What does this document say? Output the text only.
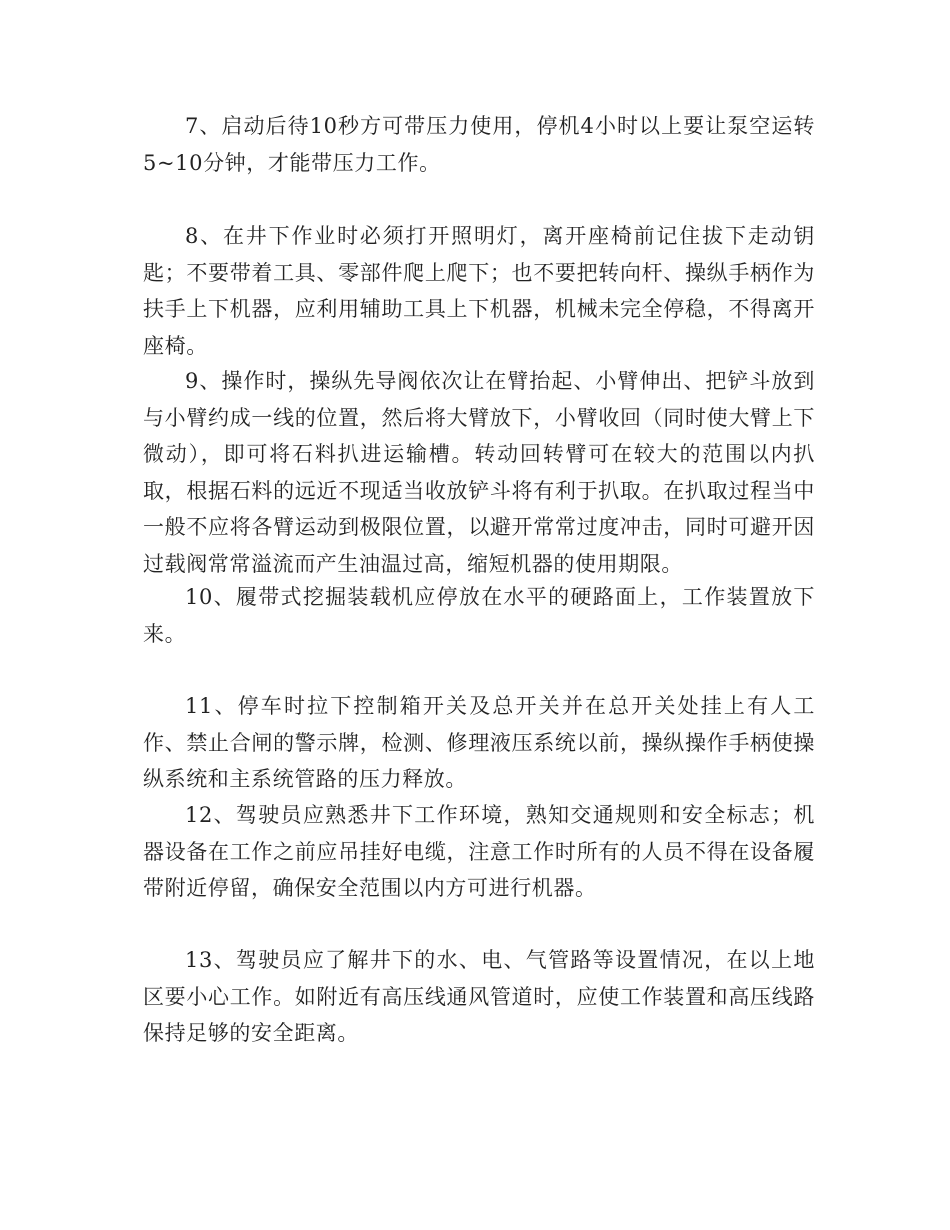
7、启动后待10秒方可带压力使用，停机4小时以上要让泵空运转5~10分钟，才能带压力工作。

8、在井下作业时必须打开照明灯，离开座椅前记住拔下走动钥匙；不要带着工具、零部件爬上爬下；也不要把转向杆、操纵手柄作为扶手上下机器，应利用辅助工具上下机器，机械未完全停稳，不得离开座椅。

9、操作时，操纵先导阀依次让在臂抬起、小臂伸出、把铲斗放到与小臂约成一线的位置，然后将大臂放下，小臂收回（同时使大臂上下微动），即可将石料扒进运输槽。转动回转臂可在较大的范围以内扒取，根据石料的远近不现适当收放铲斗将有利于扒取。在扒取过程当中一般不应将各臂运动到极限位置，以避开常常过度冲击，同时可避开因过载阀常常溢流而产生油温过高，缩短机器的使用期限。

10、履带式挖掘装载机应停放在水平的硬路面上，工作装置放下来。

11、停车时拉下控制箱开关及总开关并在总开关处挂上有人工作、禁止合闸的警示牌，检测、修理液压系统以前，操纵操作手柄使操纵系统和主系统管路的压力释放。

12、驾驶员应熟悉井下工作环境，熟知交通规则和安全标志；机器设备在工作之前应吊挂好电缆，注意工作时所有的人员不得在设备履带附近停留，确保安全范围以内方可进行机器。

13、驾驶员应了解井下的水、电、气管路等设置情况，在以上地区要小心工作。如附近有高压线通风管道时，应使工作装置和高压线路保持足够的安全距离。
